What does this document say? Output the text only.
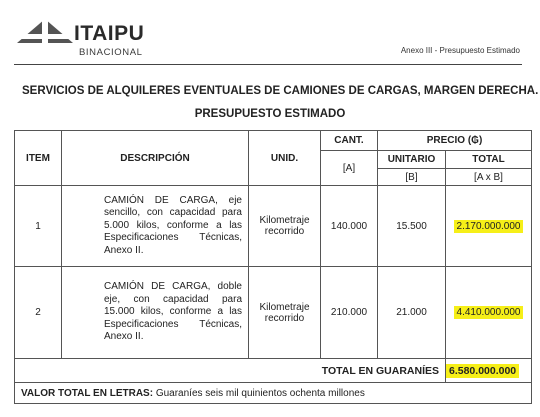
ITAIPU
BINACIONAL	Anexo III - Presupuesto Estimado
SERVICIOS DE ALQUILERES EVENTUALES DE CAMIONES DE CARGAS, MARGEN DERECHA.
PRESUPUESTO ESTIMADO
ITEM	DESCRIPCIÓN	UNID.	CANT.	PRECIO (₲)	
			[A]	UNITARIO	TOTAL
				[B]	[A x B]
1	CAMIÓN DE CARGA, eje sencillo, con capacidad para 5.000 kilos, conforme a las Especificaciones Técnicas, Anexo II.	Kilometraje recorrido	140.000	15.500	2.170.000.000
2	CAMIÓN DE CARGA, doble eje, con capacidad para 15.000 kilos, conforme a las Especificaciones Técnicas, Anexo II.	Kilometraje recorrido	210.000	21.000	4.410.000.000
TOTAL EN GUARANÍES					6.580.000.000
VALOR TOTAL EN LETRAS: Guaraníes seis mil quinientos ochenta millones					
